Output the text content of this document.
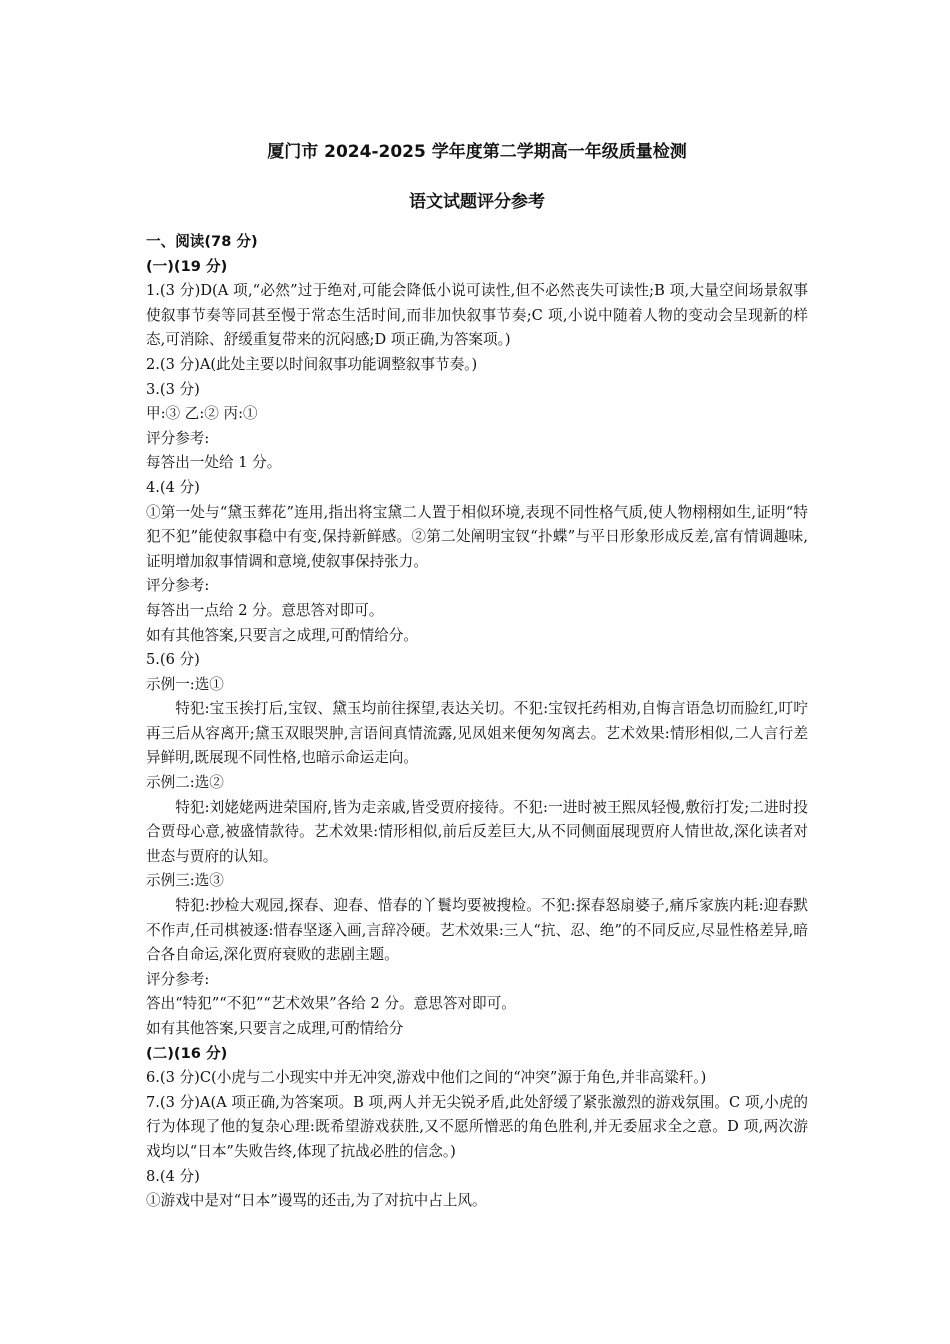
厦门市 2024-2025 学年度第二学期高一年级质量检测
语文试题评分参考
一、阅读(78 分)
(一)(19 分)
1.(3 分)D(A 项,“必然”过于绝对,可能会降低小说可读性,但不必然丧失可读性;B 项,大量空间场景叙事使叙事节奏等同甚至慢于常态生活时间,而非加快叙事节奏;C 项,小说中随着人物的变动会呈现新的样态,可消除、舒缓重复带来的沉闷感;D 项正确,为答案项。)
2.(3 分)A(此处主要以时间叙事功能调整叙事节奏。)
3.(3 分)
甲:③ 乙:② 丙:①
评分参考:
每答出一处给 1 分。
4.(4 分)
①第一处与“黛玉葬花”连用,指出将宝黛二人置于相似环境,表现不同性格气质,使人物栩栩如生,证明“特犯不犯”能使叙事稳中有变,保持新鲜感。②第二处阐明宝钗“扑蝶”与平日形象形成反差,富有情调趣味,证明增加叙事情调和意境,使叙事保持张力。
评分参考:
每答出一点给 2 分。意思答对即可。
如有其他答案,只要言之成理,可酌情给分。
5.(6 分)
示例一:选①
特犯:宝玉挨打后,宝钗、黛玉均前往探望,表达关切。不犯:宝钗托药相劝,自悔言语急切而脸红,叮咛再三后从容离开;黛玉双眼哭肿,言语间真情流露,见凤姐来便匆匆离去。艺术效果:情形相似,二人言行差异鲜明,既展现不同性格,也暗示命运走向。
示例二:选②
特犯:刘姥姥两进荣国府,皆为走亲戚,皆受贾府接待。不犯:一进时被王熙凤轻慢,敷衍打发;二进时投合贾母心意,被盛情款待。艺术效果:情形相似,前后反差巨大,从不同侧面展现贾府人情世故,深化读者对世态与贾府的认知。
示例三:选③
特犯:抄检大观园,探春、迎春、惜春的丫鬟均要被搜检。不犯:探春怒扇婆子,痛斥家族内耗:迎春默不作声,任司棋被逐:惜春坚逐入画,言辞冷硬。艺术效果:三人“抗、忍、绝”的不同反应,尽显性格差异,暗合各自命运,深化贾府衰败的悲剧主题。
评分参考:
答出“特犯”“不犯”“艺术效果”各给 2 分。意思答对即可。
如有其他答案,只要言之成理,可酌情给分
(二)(16 分)
6.(3 分)C(小虎与二小现实中并无冲突,游戏中他们之间的“冲突”源于角色,并非高粱秆。)
7.(3 分)A(A 项正确,为答案项。B 项,两人并无尖锐矛盾,此处舒缓了紧张激烈的游戏氛围。C 项,小虎的行为体现了他的复杂心理:既希望游戏获胜,又不愿所憎恶的角色胜利,并无委屈求全之意。D 项,两次游戏均以“日本”失败告终,体现了抗战必胜的信念。)
8.(4 分)
①游戏中是对“日本”谩骂的还击,为了对抗中占上风。
